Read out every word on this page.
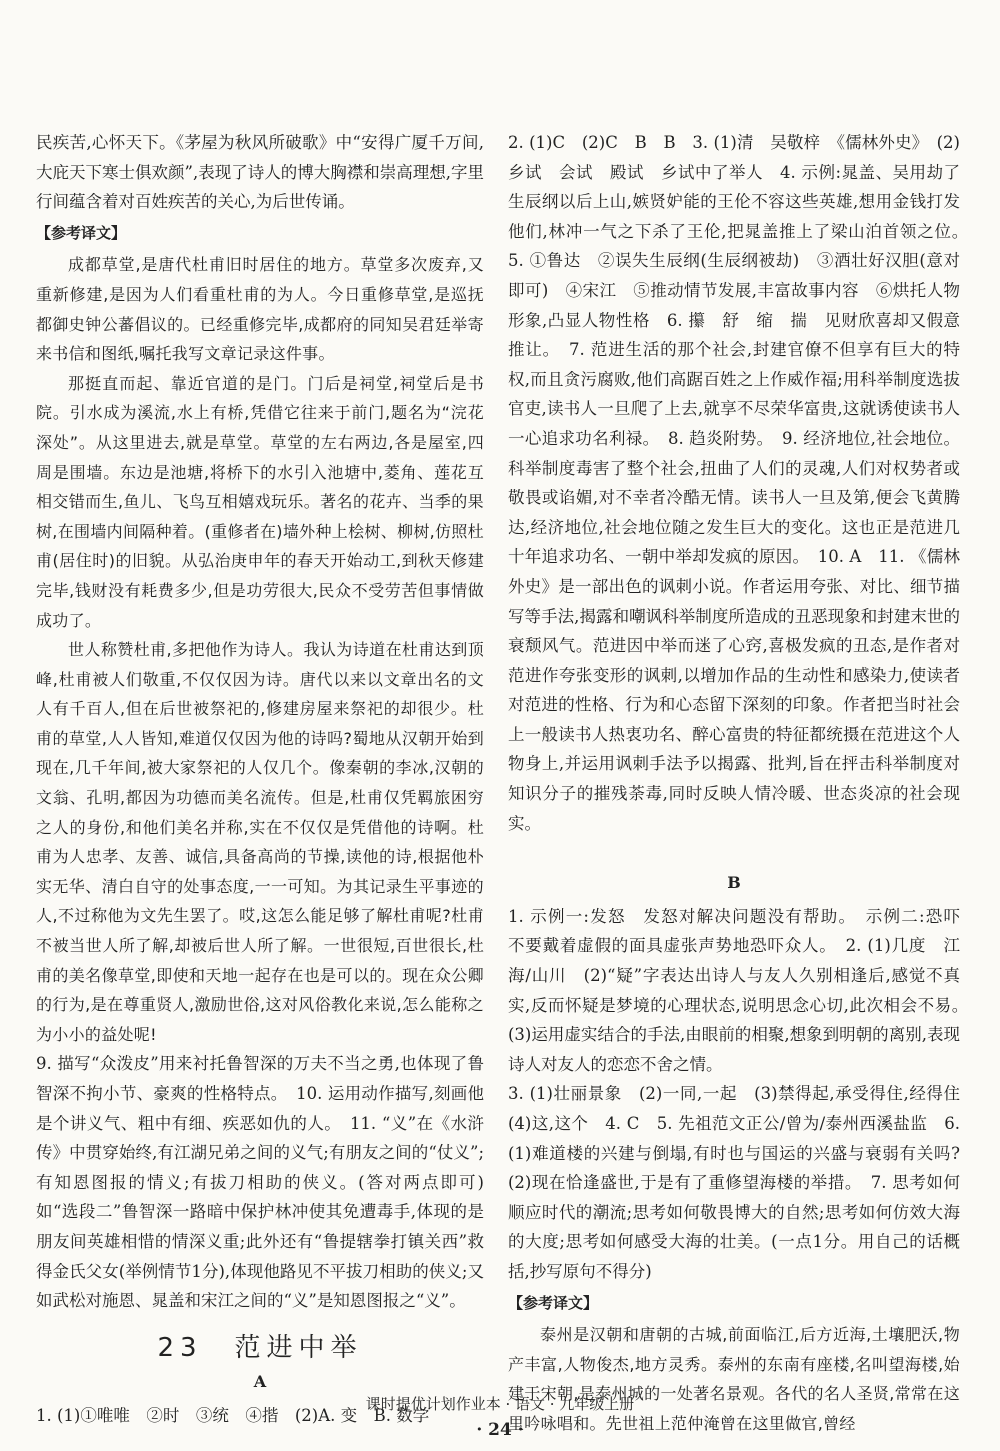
民疾苦,心怀天下。《茅屋为秋风所破歌》中“安得广厦千万间,大庇天下寒士俱欢颜”,表现了诗人的博大胸襟和崇高理想,字里行间蕴含着对百姓疾苦的关心,为后世传诵。

【参考译文】

成都草堂,是唐代杜甫旧时居住的地方。草堂多次废弃,又重新修建,是因为人们看重杜甫的为人。今日重修草堂,是巡抚都御史钟公蕃倡议的。已经重修完毕,成都府的同知吴君廷举寄来书信和图纸,嘱托我写文章记录这件事。

那挺直而起、靠近官道的是门。门后是祠堂,祠堂后是书院。引水成为溪流,水上有桥,凭借它往来于前门,题名为“浣花深处”。从这里进去,就是草堂。草堂的左右两边,各是屋室,四周是围墙。东边是池塘,将桥下的水引入池塘中,菱角、莲花互相交错而生,鱼儿、飞鸟互相嬉戏玩乐。著名的花卉、当季的果树,在围墙内间隔种着。(重修者在)墙外种上桧树、柳树,仿照杜甫(居住时)的旧貌。从弘治庚申年的春天开始动工,到秋天修建完毕,钱财没有耗费多少,但是功劳很大,民众不受劳苦但事情做成功了。

世人称赞杜甫,多把他作为诗人。我认为诗道在杜甫达到顶峰,杜甫被人们敬重,不仅仅因为诗。唐代以来以文章出名的文人有千百人,但在后世被祭祀的,修建房屋来祭祀的却很少。杜甫的草堂,人人皆知,难道仅仅因为他的诗吗?蜀地从汉朝开始到现在,几千年间,被大家祭祀的人仅几个。像秦朝的李冰,汉朝的文翁、孔明,都因为功德而美名流传。但是,杜甫仅凭羁旅困穷之人的身份,和他们美名并称,实在不仅仅是凭借他的诗啊。杜甫为人忠孝、友善、诚信,具备高尚的节操,读他的诗,根据他朴实无华、清白自守的处事态度,一一可知。为其记录生平事迹的人,不过称他为文先生罢了。哎,这怎么能足够了解杜甫呢?杜甫不被当世人所了解,却被后世人所了解。一世很短,百世很长,杜甫的美名像草堂,即使和天地一起存在也是可以的。现在众公卿的行为,是在尊重贤人,激励世俗,这对风俗教化来说,怎么能称之为小小的益处呢!

9. 描写“众泼皮”用来衬托鲁智深的万夫不当之勇,也体现了鲁智深不拘小节、豪爽的性格特点。　10. 运用动作描写,刻画他是个讲义气、粗中有细、疾恶如仇的人。　11. “义”在《水浒传》中贯穿始终,有江湖兄弟之间的义气;有朋友之间的“仗义”;有知恩图报的情义;有拔刀相助的侠义。(答对两点即可)　如“选段二”鲁智深一路暗中保护林冲使其免遭毒手,体现的是朋友间英雄相惜的情深义重;此外还有“鲁提辖拳打镇关西”救得金氏父女(举例情节1分),体现他路见不平拔刀相助的侠义;又如武松对施恩、晁盖和宋江之间的“义”是知恩图报之“义”。

23　范进中举
A

1. (1)①唯唯　②时　③统　④揩　(2)A. 变　B. 数学

2. (1)C　(2)C　B　B　3. (1)清　吴敬梓　《儒林外史》　(2)乡试　会试　殿试　乡试中了举人　4. 示例:晁盖、吴用劫了生辰纲以后上山,嫉贤妒能的王伦不容这些英雄,想用金钱打发他们,林冲一气之下杀了王伦,把晁盖推上了梁山泊首领之位。　5. ①鲁达　②误失生辰纲(生辰纲被劫)　③酒壮好汉胆(意对即可)　④宋江　⑤推动情节发展,丰富故事内容　⑥烘托人物形象,凸显人物性格　6. 攥　舒　缩　揣　见财欣喜却又假意推让。　7. 范进生活的那个社会,封建官僚不但享有巨大的特权,而且贪污腐败,他们高踞百姓之上作威作福;用科举制度选拔官吏,读书人一旦爬了上去,就享不尽荣华富贵,这就诱使读书人一心追求功名利禄。　8. 趋炎附势。　9. 经济地位,社会地位。科举制度毒害了整个社会,扭曲了人们的灵魂,人们对权势者或敬畏或谄媚,对不幸者冷酷无情。读书人一旦及第,便会飞黄腾达,经济地位,社会地位随之发生巨大的变化。这也正是范进几十年追求功名、一朝中举却发疯的原因。　10. A　11. 《儒林外史》是一部出色的讽刺小说。作者运用夸张、对比、细节描写等手法,揭露和嘲讽科举制度所造成的丑恶现象和封建末世的衰颓风气。范进因中举而迷了心窍,喜极发疯的丑态,是作者对范进作夸张变形的讽刺,以增加作品的生动性和感染力,使读者对范进的性格、行为和心态留下深刻的印象。作者把当时社会上一般读书人热衷功名、醉心富贵的特征都统摄在范进这个人物身上,并运用讽刺手法予以揭露、批判,旨在抨击科举制度对知识分子的摧残荼毒,同时反映人情冷暖、世态炎凉的社会现实。

B

1. 示例一:发怒　发怒对解决问题没有帮助。　示例二:恐吓　不要戴着虚假的面具虚张声势地恐吓众人。　2. (1)几度　江海/山川　(2)“疑”字表达出诗人与友人久别相逢后,感觉不真实,反而怀疑是梦境的心理状态,说明思念心切,此次相会不易。　(3)运用虚实结合的手法,由眼前的相聚,想象到明朝的离别,表现诗人对友人的恋恋不舍之情。

3. (1)壮丽景象　(2)一同,一起　(3)禁得起,承受得住,经得住　(4)这,这个　4. C　5. 先祖范文正公/曾为/泰州西溪盐监　6. (1)难道楼的兴建与倒塌,有时也与国运的兴盛与衰弱有关吗?　(2)现在恰逢盛世,于是有了重修望海楼的举措。　7. 思考如何顺应时代的潮流;思考如何敬畏博大的自然;思考如何仿效大海的大度;思考如何感受大海的壮美。(一点1分。用自己的话概括,抄写原句不得分)

【参考译文】

泰州是汉朝和唐朝的古城,前面临江,后方近海,土壤肥沃,物产丰富,人物俊杰,地方灵秀。泰州的东南有座楼,名叫望海楼,始建于宋朝,是泰州城的一处著名景观。各代的名人圣贤,常常在这里吟咏唱和。先世祖上范仲淹曾在这里做官,曾经

课时提优计划作业本 · 语文 · 九年级上册
· 24 ·
